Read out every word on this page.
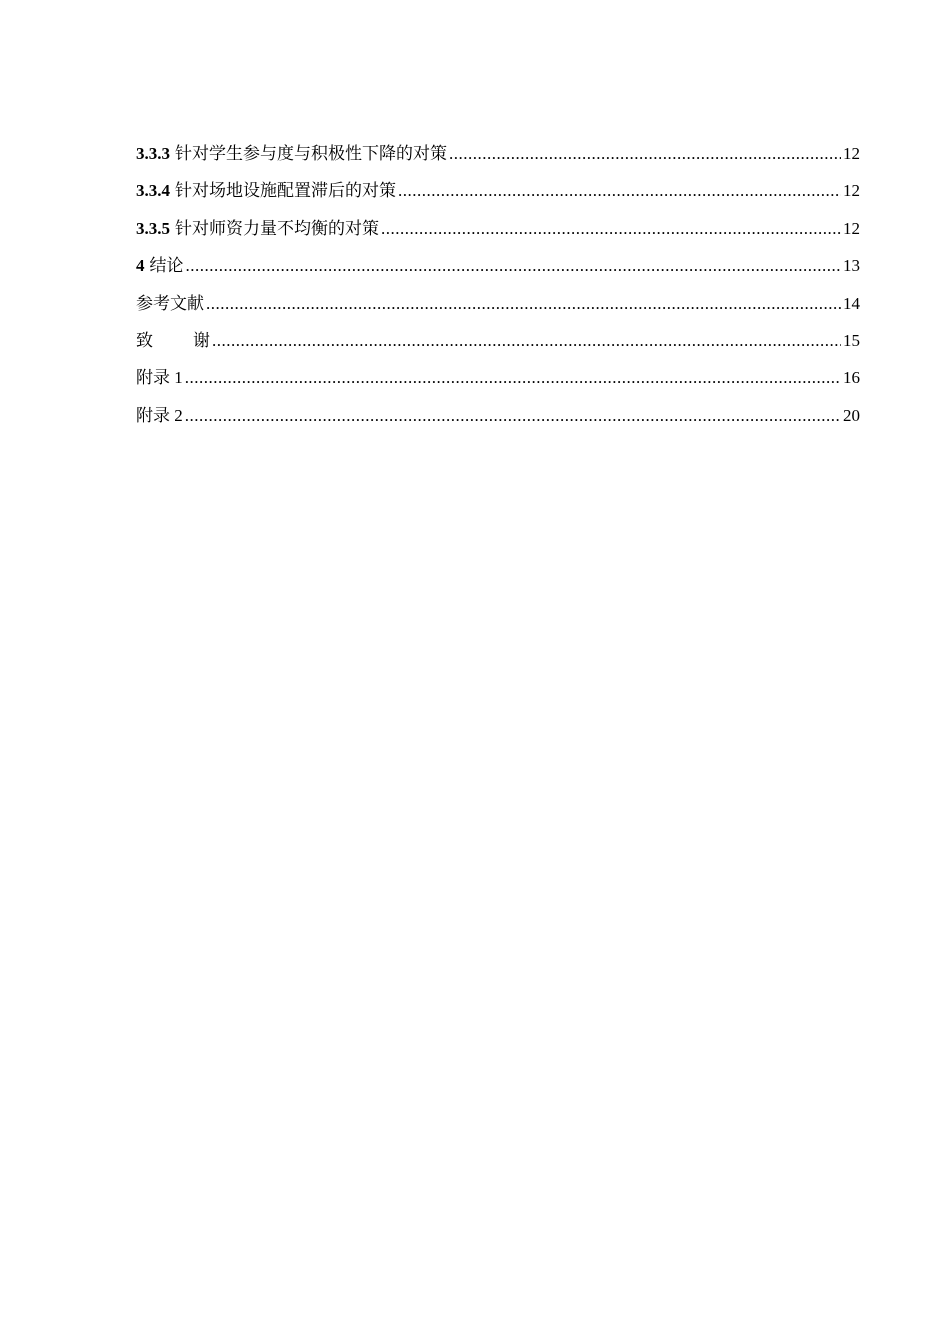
3.3.3 针对学生参与度与积极性下降的对策 .....	12
3.3.4 针对场地设施配置滞后的对策 .....	12
3.3.5 针对师资力量不均衡的对策 .....	12
4 结论 .....	13
参考文献 .....	14
致 谢 .....	15
附录 1 .....	16
附录 2 .....	20
